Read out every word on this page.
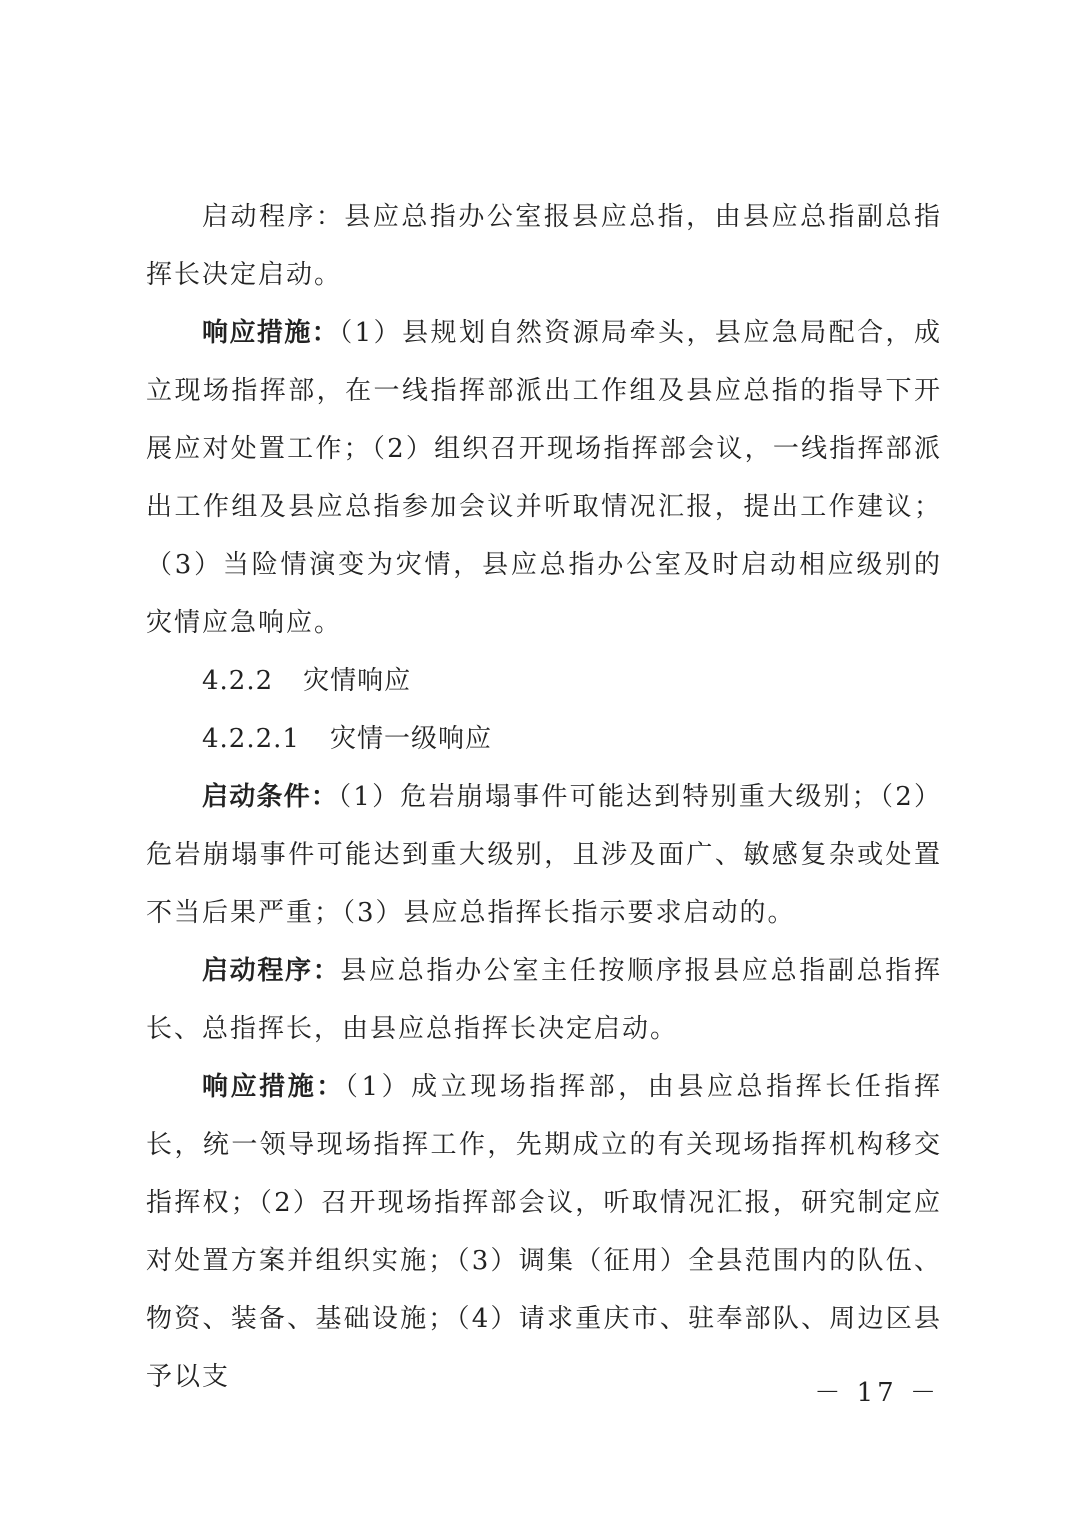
启动程序：县应总指办公室报县应总指，由县应总指副总指挥长决定启动。

响应措施：（1）县规划自然资源局牵头，县应急局配合，成立现场指挥部，在一线指挥部派出工作组及县应总指的指导下开展应对处置工作；（2）组织召开现场指挥部会议，一线指挥部派出工作组及县应总指参加会议并听取情况汇报，提出工作建议；（3）当险情演变为灾情，县应总指办公室及时启动相应级别的灾情应急响应。

4.2.2 灾情响应

4.2.2.1 灾情一级响应

启动条件：（1）危岩崩塌事件可能达到特别重大级别；（2）危岩崩塌事件可能达到重大级别，且涉及面广、敏感复杂或处置不当后果严重；（3）县应总指挥长指示要求启动的。

启动程序：县应总指办公室主任按顺序报县应总指副总指挥长、总指挥长，由县应总指挥长决定启动。

响应措施：（1）成立现场指挥部，由县应总指挥长任指挥长，统一领导现场指挥工作，先期成立的有关现场指挥机构移交指挥权；（2）召开现场指挥部会议，听取情况汇报，研究制定应对处置方案并组织实施；（3）调集（征用）全县范围内的队伍、物资、装备、基础设施；（4）请求重庆市、驻奉部队、周边区县予以支

－ 17 －
